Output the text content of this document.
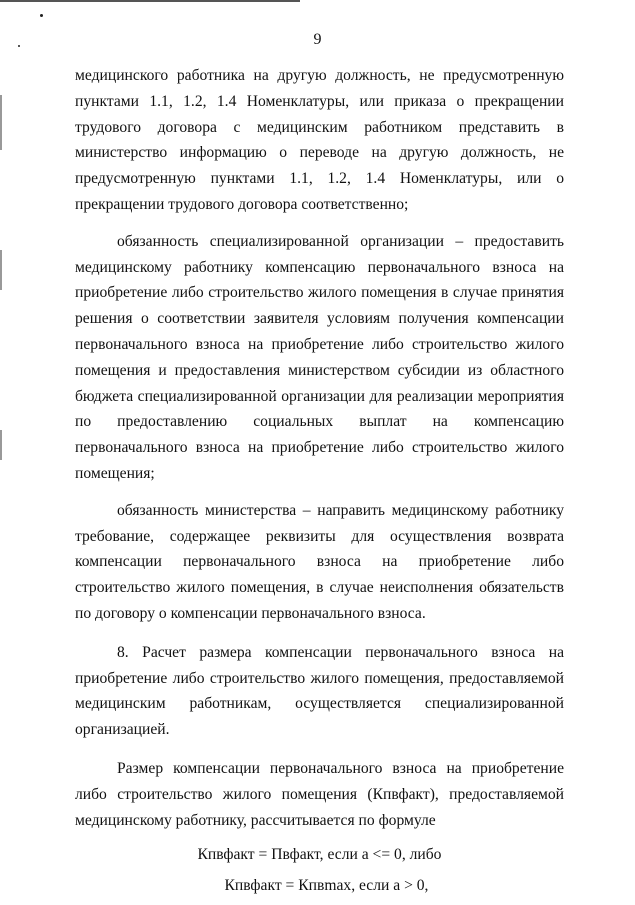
9

медицинского работника на другую должность, не предусмотренную пунктами 1.1, 1.2, 1.4 Номенклатуры, или приказа о прекращении трудового договора с медицинским работником представить в министерство информацию о переводе на другую должность, не предусмотренную пунктами 1.1, 1.2, 1.4 Номенклатуры, или о прекращении трудового договора соответственно;

обязанность специализированной организации – предоставить медицинскому работнику компенсацию первоначального взноса на приобретение либо строительство жилого помещения в случае принятия решения о соответствии заявителя условиям получения компенсации первоначального взноса на приобретение либо строительство жилого помещения и предоставления министерством субсидии из областного бюджета специализированной организации для реализации мероприятия по предоставлению социальных выплат на компенсацию первоначального взноса на приобретение либо строительство жилого помещения;

обязанность министерства – направить медицинскому работнику требование, содержащее реквизиты для осуществления возврата компенсации первоначального взноса на приобретение либо строительство жилого помещения, в случае неисполнения обязательств по договору о компенсации первоначального взноса.

8. Расчет размера компенсации первоначального взноса на приобретение либо строительство жилого помещения, предоставляемой медицинским работникам, осуществляется специализированной организацией.

Размер компенсации первоначального взноса на приобретение либо строительство жилого помещения (Кпвфакт), предоставляемой медицинскому работнику, рассчитывается по формуле

Кпвфакт = Пвфакт, если a <= 0, либо

Кпвфакт = Кпвmax, если a > 0,
